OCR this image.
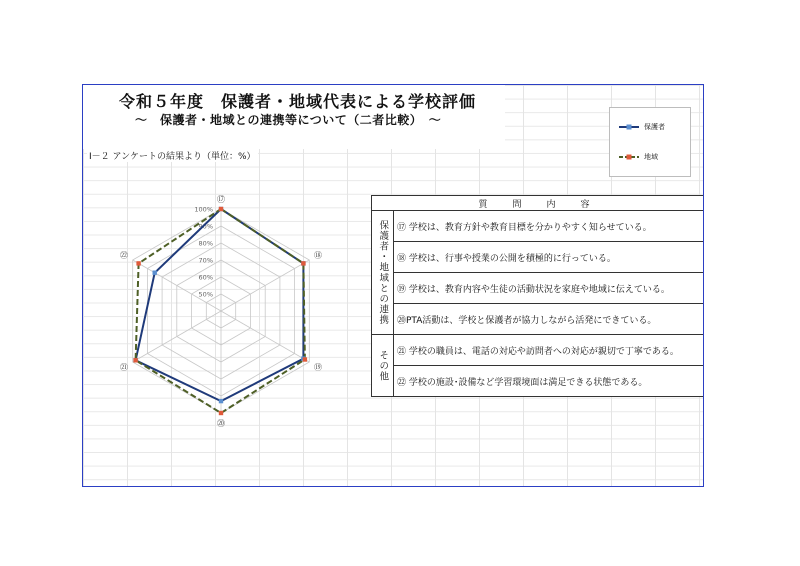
令和５年度　保護者・地域代表による学校評価
～　保護者・地域との連携等について（二者比較）　～
Ⅰ－２ アンケートの結果より（単位：%）
保護者
地域
50%
60%
70%
80%
90%
100%
⑰
⑱
⑲
⑳
㉑
㉒
質　問　内　容	

保護者・地域との連携	⑰ 学校は、教育方針や教育目標を分かりやすく知らせている。
	⑱ 学校は、行事や授業の公開を積極的に行っている。
	⑲ 学校は、教育内容や生徒の活動状況を家庭や地域に伝えている。
	⑳PTA活動は、学校と保護者が協力しながら活発にできている。

その他	㉑ 学校の職員は、電話の対応や訪問者への対応が親切で丁寧である。
	㉒ 学校の施設･設備など学習環境面は満足できる状態である。
